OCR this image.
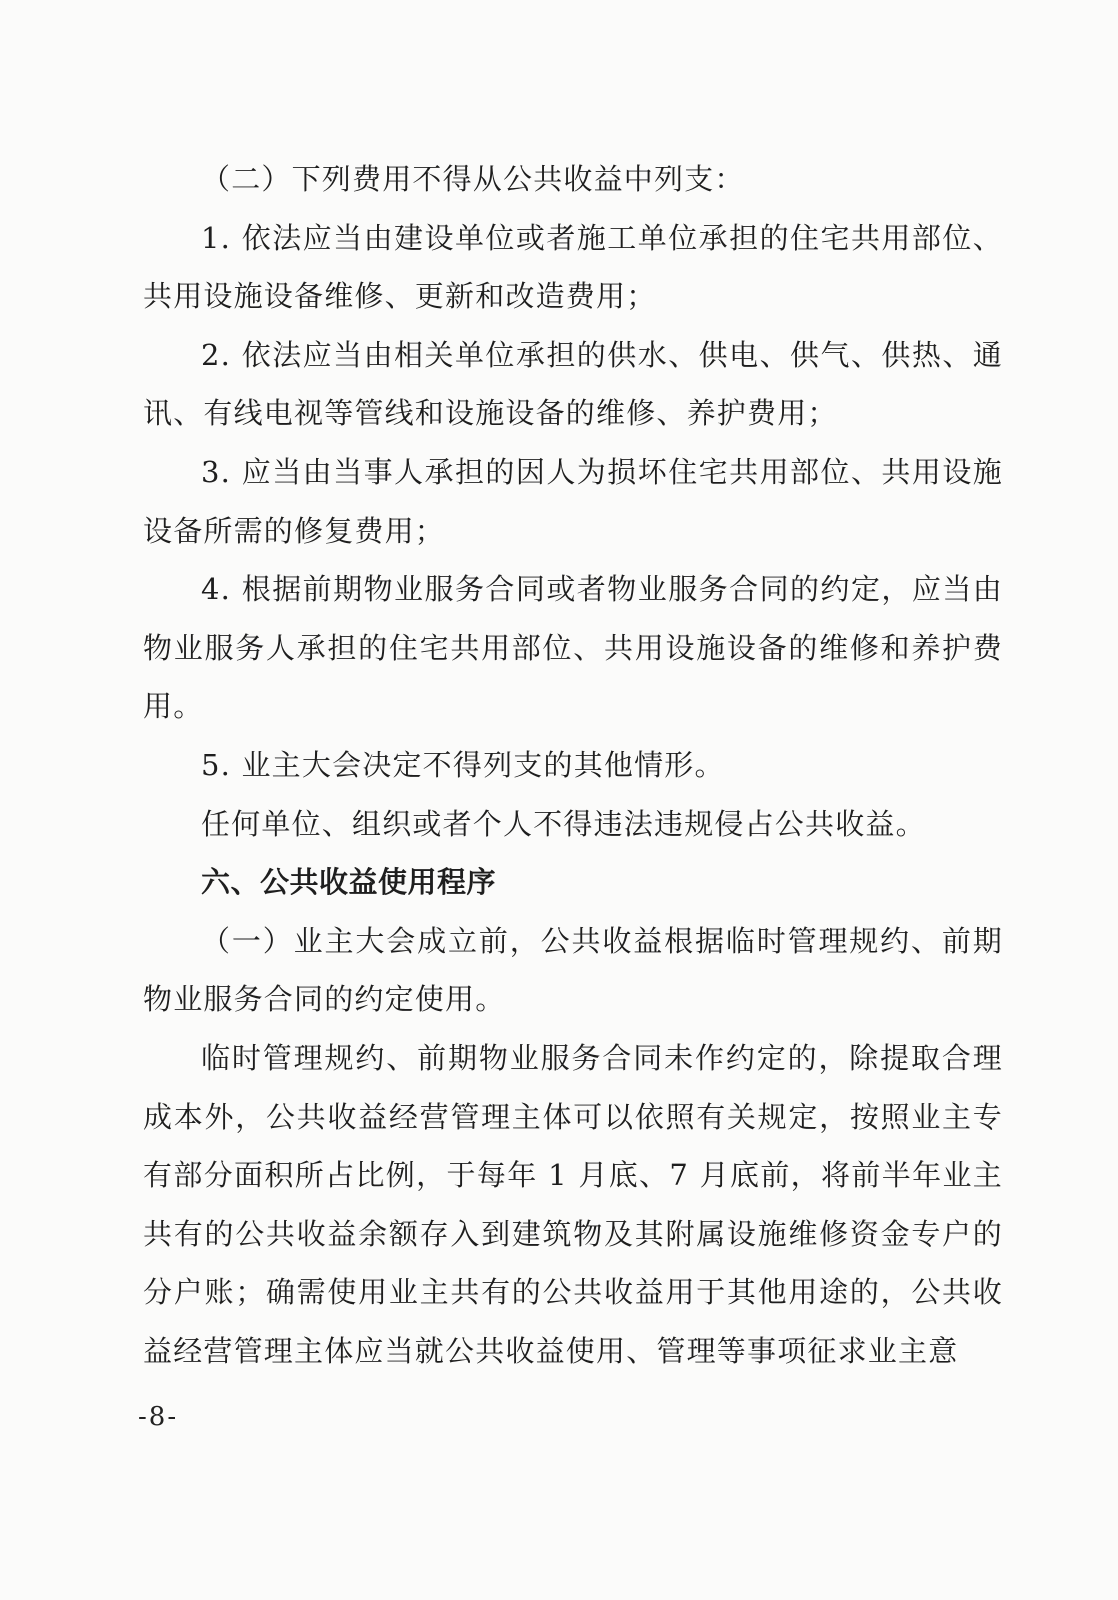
（二）下列费用不得从公共收益中列支：

1. 依法应当由建设单位或者施工单位承担的住宅共用部位、共用设施设备维修、更新和改造费用；

2. 依法应当由相关单位承担的供水、供电、供气、供热、通讯、有线电视等管线和设施设备的维修、养护费用；

3. 应当由当事人承担的因人为损坏住宅共用部位、共用设施设备所需的修复费用；

4. 根据前期物业服务合同或者物业服务合同的约定，应当由物业服务人承担的住宅共用部位、共用设施设备的维修和养护费用。

5. 业主大会决定不得列支的其他情形。

任何单位、组织或者个人不得违法违规侵占公共收益。

六、公共收益使用程序

（一）业主大会成立前，公共收益根据临时管理规约、前期物业服务合同的约定使用。

临时管理规约、前期物业服务合同未作约定的，除提取合理成本外，公共收益经营管理主体可以依照有关规定，按照业主专有部分面积所占比例，于每年 1 月底、7 月底前，将前半年业主共有的公共收益余额存入到建筑物及其附属设施维修资金专户的分户账；确需使用业主共有的公共收益用于其他用途的，公共收益经营管理主体应当就公共收益使用、管理等事项征求业主意

-8-
